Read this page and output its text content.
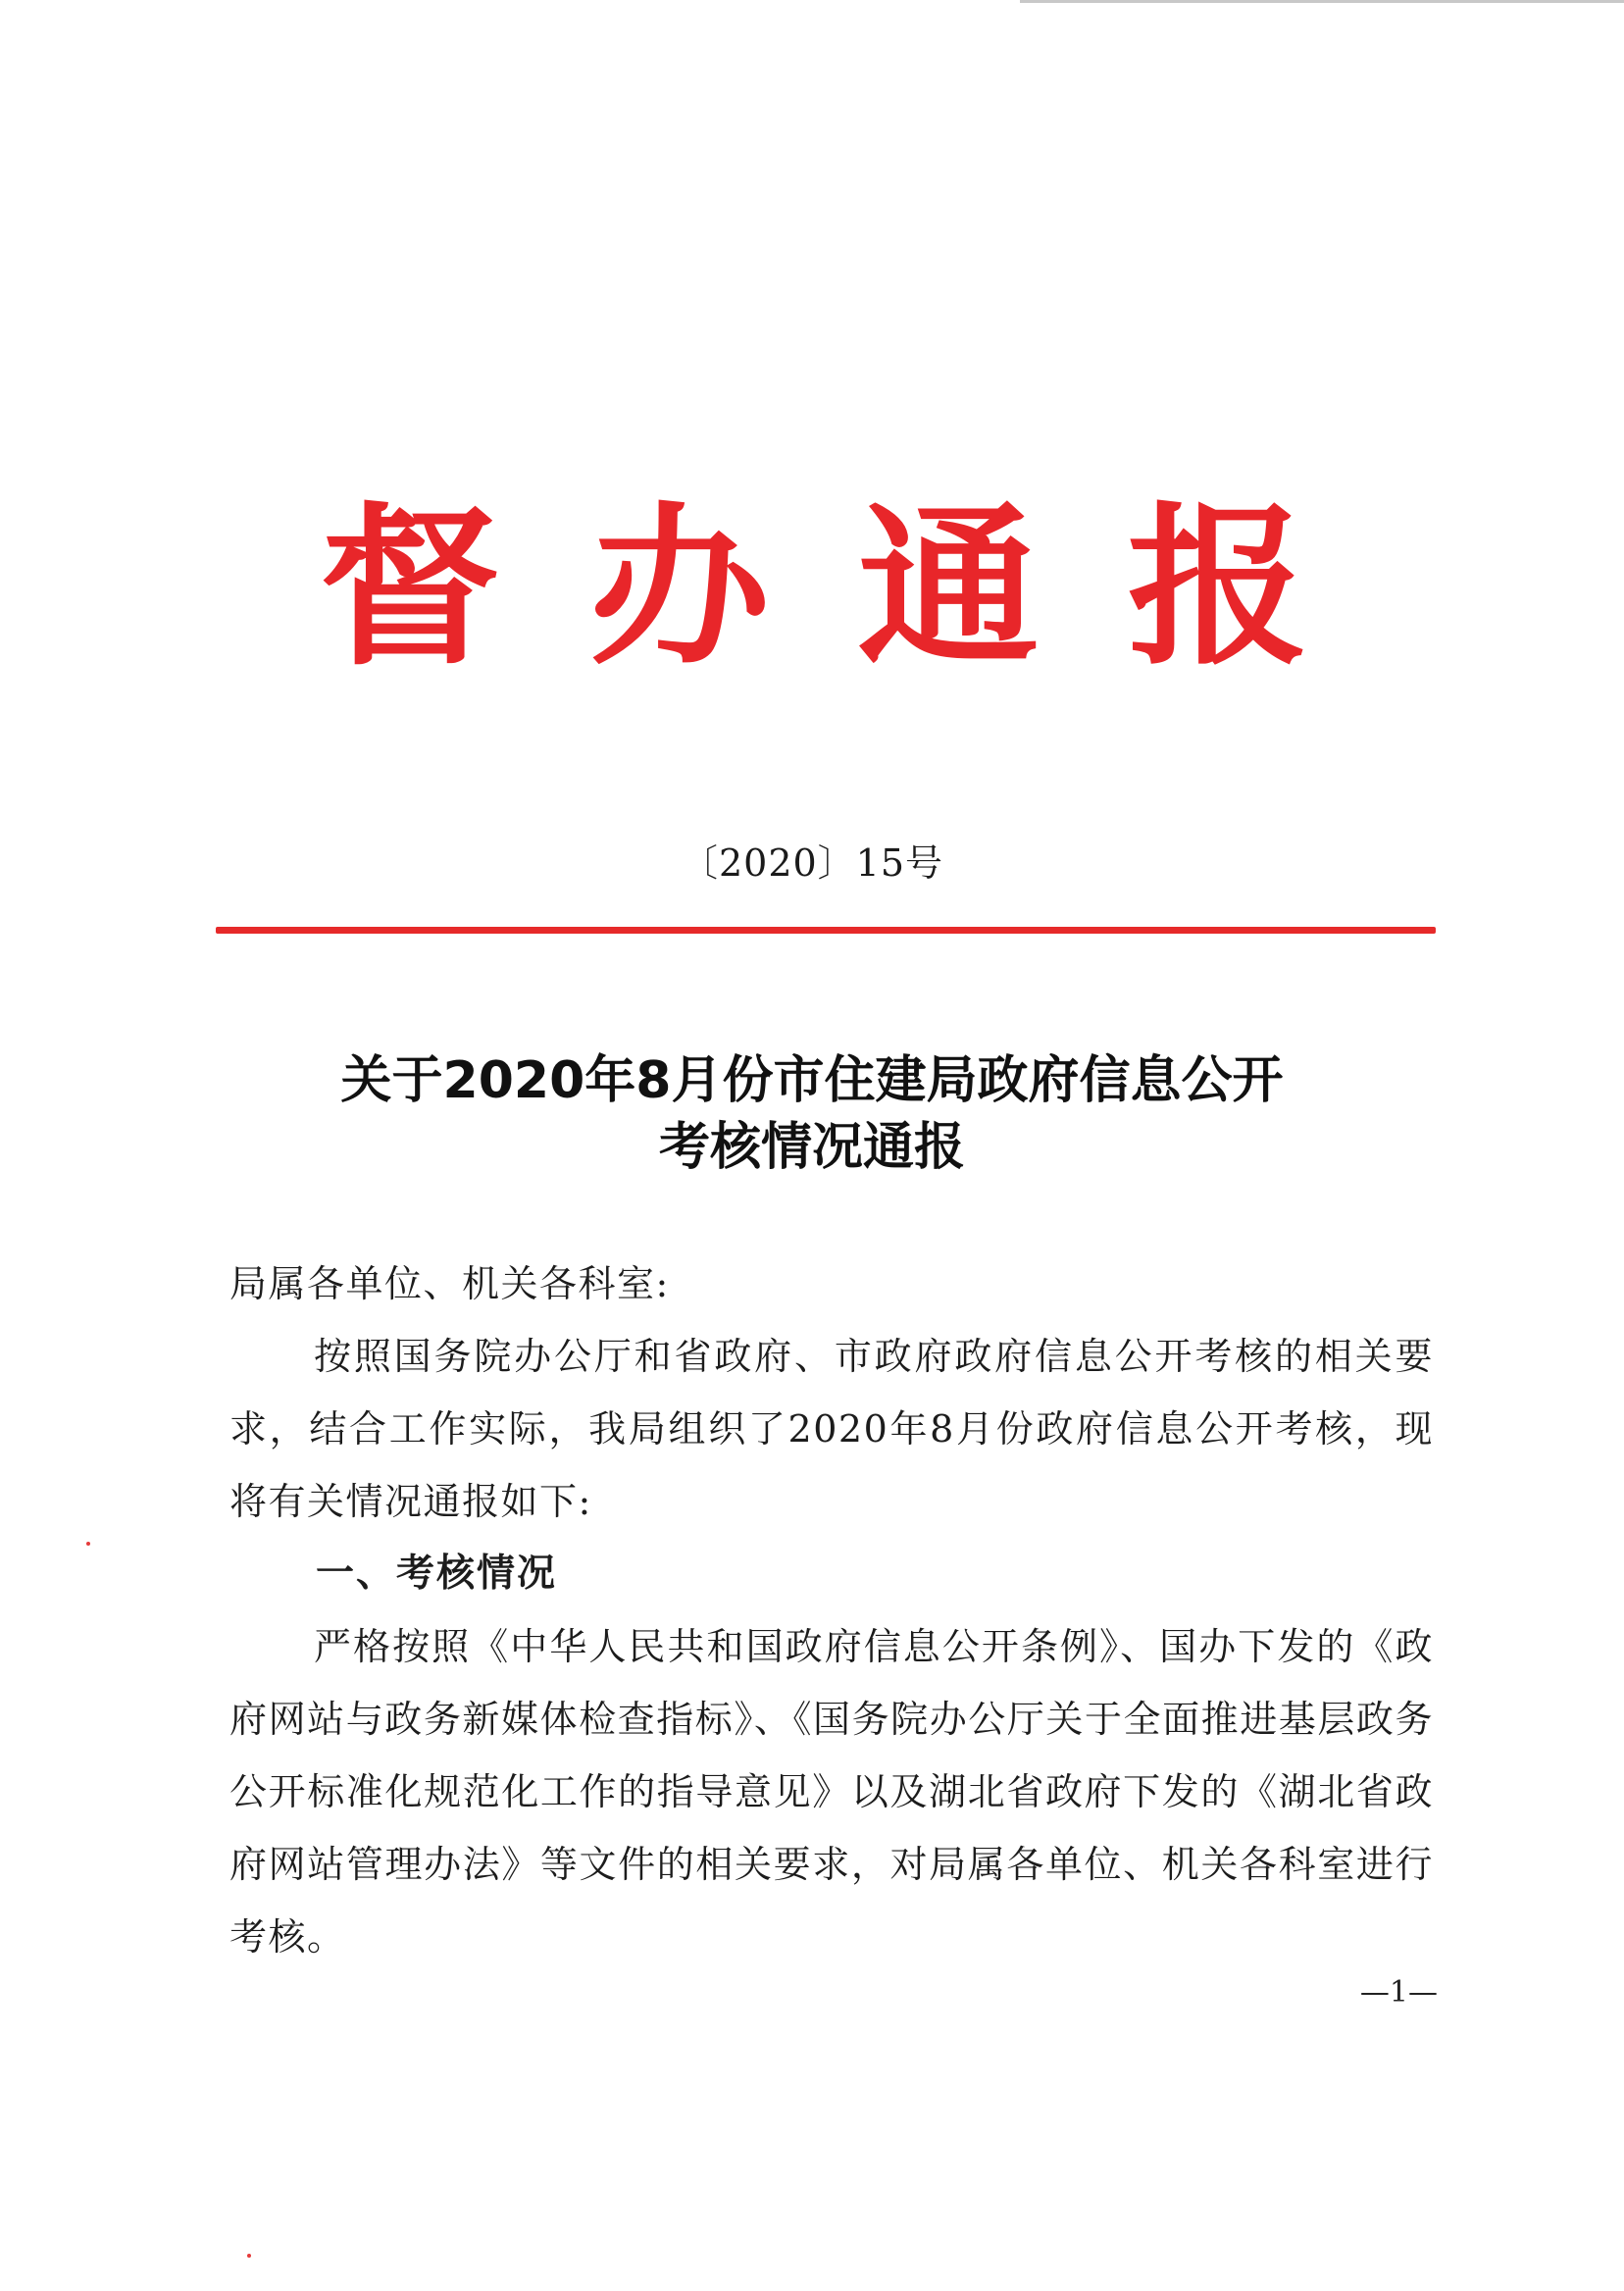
督 办 通 报
〔2020〕15号
关于2020年8月份市住建局政府信息公开
考核情况通报

局属各单位、机关各科室:

按照国务院办公厅和省政府、市政府政府信息公开考核的相关要求，结合工作实际，我局组织了2020年8月份政府信息公开考核，现将有关情况通报如下:

一、考核情况

严格按照《中华人民共和国政府信息公开条例》、国办下发的《政府网站与政务新媒体检查指标》、《国务院办公厅关于全面推进基层政务公开标准化规范化工作的指导意见》以及湖北省政府下发的《湖北省政府网站管理办法》等文件的相关要求，对局属各单位、机关各科室进行考核。

—1—
